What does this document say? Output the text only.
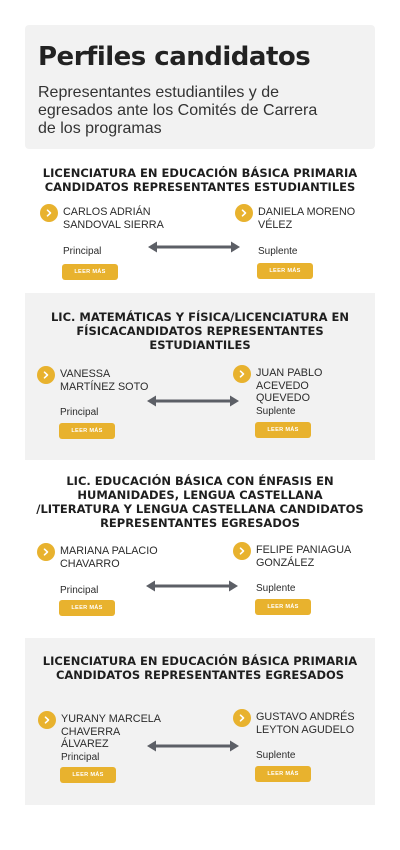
Perfiles candidatos

Representantes estudiantiles y de egresados ante los Comités de Carrera de los programas

LICENCIATURA EN EDUCACIÓN BÁSICA PRIMARIA CANDIDATOS REPRESENTANTES ESTUDIANTILES
CARLOS ADRIÁN SANDOVAL SIERRA
Principal
LEER MÁS
DANIELA MORENO VÉLEZ
Suplente
LEER MÁS
LIC. MATEMÁTICAS Y FÍSICA/LICENCIATURA EN FÍSICACANDIDATOS REPRESENTANTES ESTUDIANTILES
VANESSA MARTÍNEZ SOTO
Principal
LEER MÁS
JUAN PABLO ACEVEDO QUEVEDO
Suplente
LEER MÁS
LIC. EDUCACIÓN BÁSICA CON ÉNFASIS EN HUMANIDADES, LENGUA CASTELLANA /LITERATURA Y LENGUA CASTELLANA CANDIDATOS REPRESENTANTES EGRESADOS
MARIANA PALACIO CHAVARRO
Principal
LEER MÁS
FELIPE PANIAGUA GONZÁLEZ
Suplente
LEER MÁS
LICENCIATURA EN EDUCACIÓN BÁSICA PRIMARIA CANDIDATOS REPRESENTANTES EGRESADOS
YURANY MARCELA CHAVERRA ÁLVAREZ
Principal
LEER MÁS
GUSTAVO ANDRÉS LEYTON AGUDELO
Suplente
LEER MÁS
